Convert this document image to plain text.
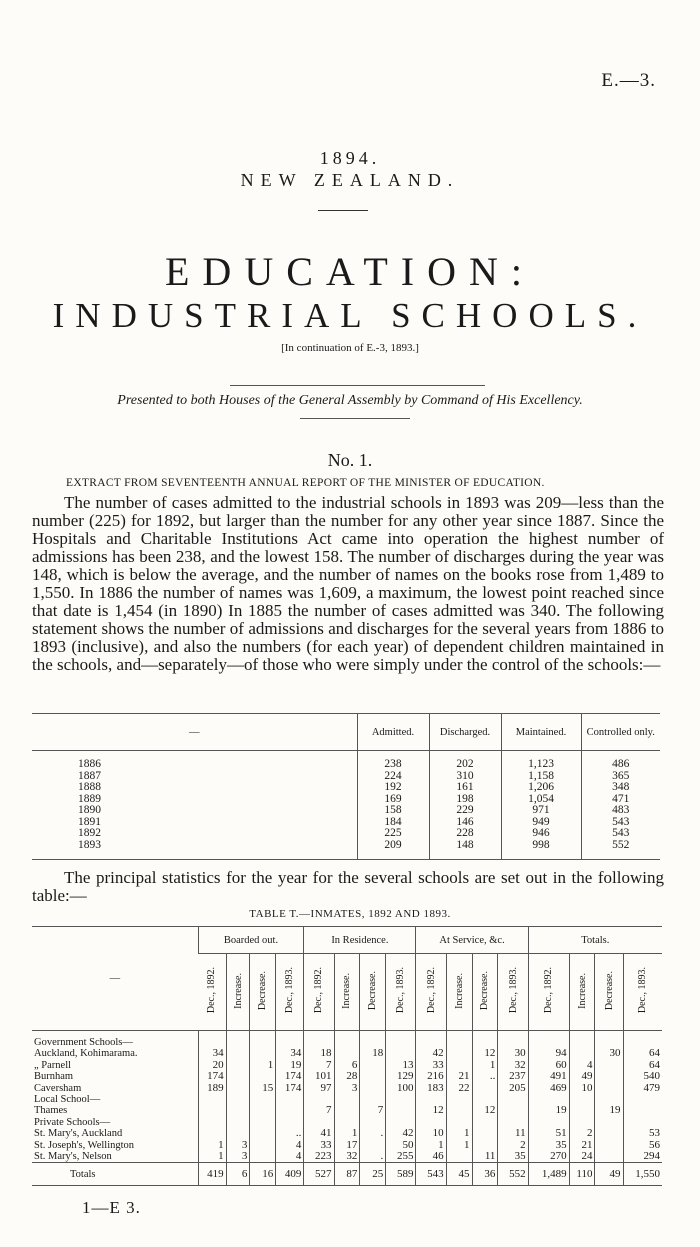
E.—3.
1894.
NEW ZEALAND.
EDUCATION:
INDUSTRIAL SCHOOLS.
[In continuation of E.-3, 1893.]
Presented to both Houses of the General Assembly by Command of His Excellency.
No. 1.
EXTRACT FROM SEVENTEENTH ANNUAL REPORT OF THE MINISTER OF EDUCATION.
The number of cases admitted to the industrial schools in 1893 was 209—less than the number (225) for 1892, but larger than the number for any other year since 1887. Since the Hospitals and Charitable Institutions Act came into operation the highest number of admissions has been 238, and the lowest 158. The number of discharges during the year was 148, which is below the average, and the number of names on the books rose from 1,489 to 1,550. In 1886 the number of names was 1,609, a maximum, the lowest point reached since that date is 1,454 (in 1890) In 1885 the number of cases admitted was 340. The following statement shows the number of admissions and discharges for the several years from 1886 to 1893 (inclusive), and also the numbers (for each year) of dependent children maintained in the schools, and—separately—of those who were simply under the control of the schools:—
—	Admitted.	Discharged.	Maintained.	Controlled only.
1886	238	202	1,123	486
1887	224	310	1,158	365
1888	192	161	1,206	348
1889	169	198	1,054	471
1890	158	229	971	483
1891	184	146	949	543
1892	225	228	946	543
1893	209	148	998	552
The principal statistics for the year for the several schools are set out in the following table:—
TABLE T.—INMATES, 1892 AND 1893.
—	Boarded out.				In Residence.				At Service, &c.				Totals.			
	Dec., 1892.	Increase.	Decrease.	Dec., 1893.	Dec., 1892.	Increase.	Decrease.	Dec., 1893.	Dec., 1892.	Increase.	Decrease.	Dec., 1893.	Dec., 1892.	Increase.	Decrease.	Dec., 1893.
Government Schools—																
Auckland, Kohimarama.	34			34	18		18		42		12	30	94		30	64
„ Parnell	20		1	19	7	6		13	33		1	32	60	4		64
Burnham	174			174	101	28		129	216	21	..	237	491	49		540
Caversham	189		15	174	97	3		100	183	22		205	469	10		479
Local School—																
Thames					7		7		12		12		19		19	
Private Schools—																
St. Mary's, Auckland				..	41	1	.	42	10	1		11	51	2		53
St. Joseph's, Wellington	1	3		4	33	17		50	1	1		2	35	21		56
St. Mary's, Nelson	1	3		4	223	32	.	255	46		11	35	270	24		294
Totals	419	6	16	409	527	87	25	589	543	45	36	552	1,489	110	49	1,550
1—E 3.
